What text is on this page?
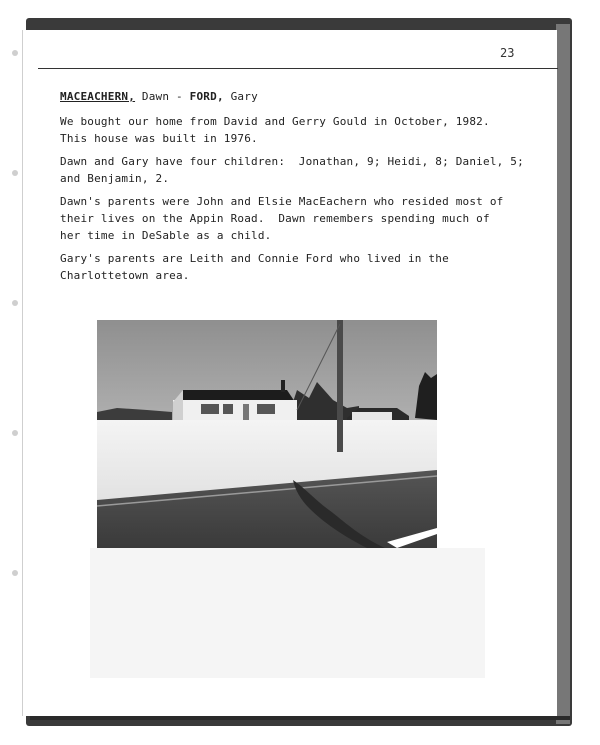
23
MACEACHERN, Dawn - FORD, Gary

We bought our home from David and Gerry Gould in October, 1982.
This house was built in 1976.

Dawn and Gary have four children:  Jonathan, 9; Heidi, 8; Daniel, 5;
and Benjamin, 2.

Dawn's parents were John and Elsie MacEachern who resided most of
their lives on the Appin Road.  Dawn remembers spending much of
her time in DeSable as a child.

Gary's parents are Leith and Connie Ford who lived in the
Charlottetown area.
